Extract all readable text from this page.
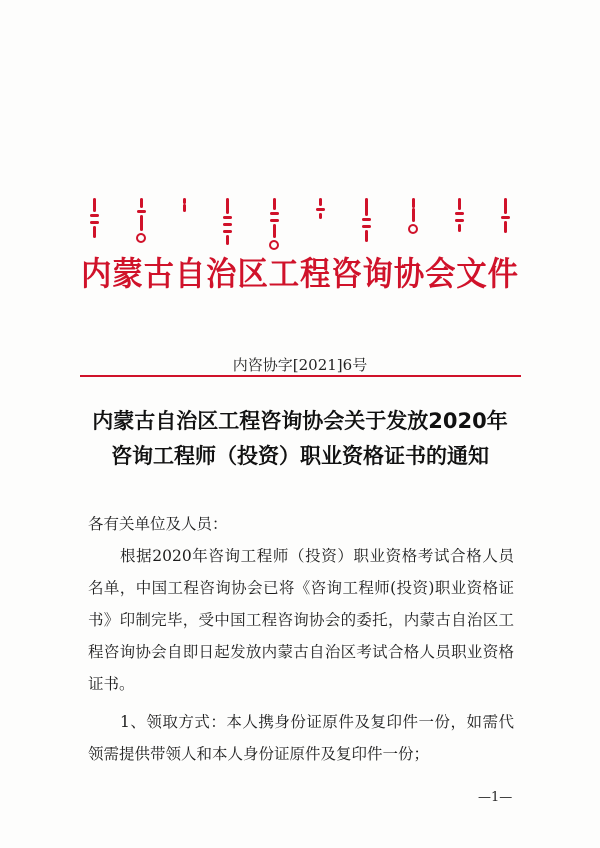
内蒙古自治区工程咨询协会文件
内咨协字[2021]6号
内蒙古自治区工程咨询协会关于发放2020年
咨询工程师（投资）职业资格证书的通知
各有关单位及人员：
根据2020年咨询工程师（投资）职业资格考试合格人员名单，中国工程咨询协会已将《咨询工程师(投资)职业资格证书》印制完毕，受中国工程咨询协会的委托，内蒙古自治区工程咨询协会自即日起发放内蒙古自治区考试合格人员职业资格证书。
1、领取方式：本人携身份证原件及复印件一份，如需代领需提供带领人和本人身份证原件及复印件一份；
—1—
